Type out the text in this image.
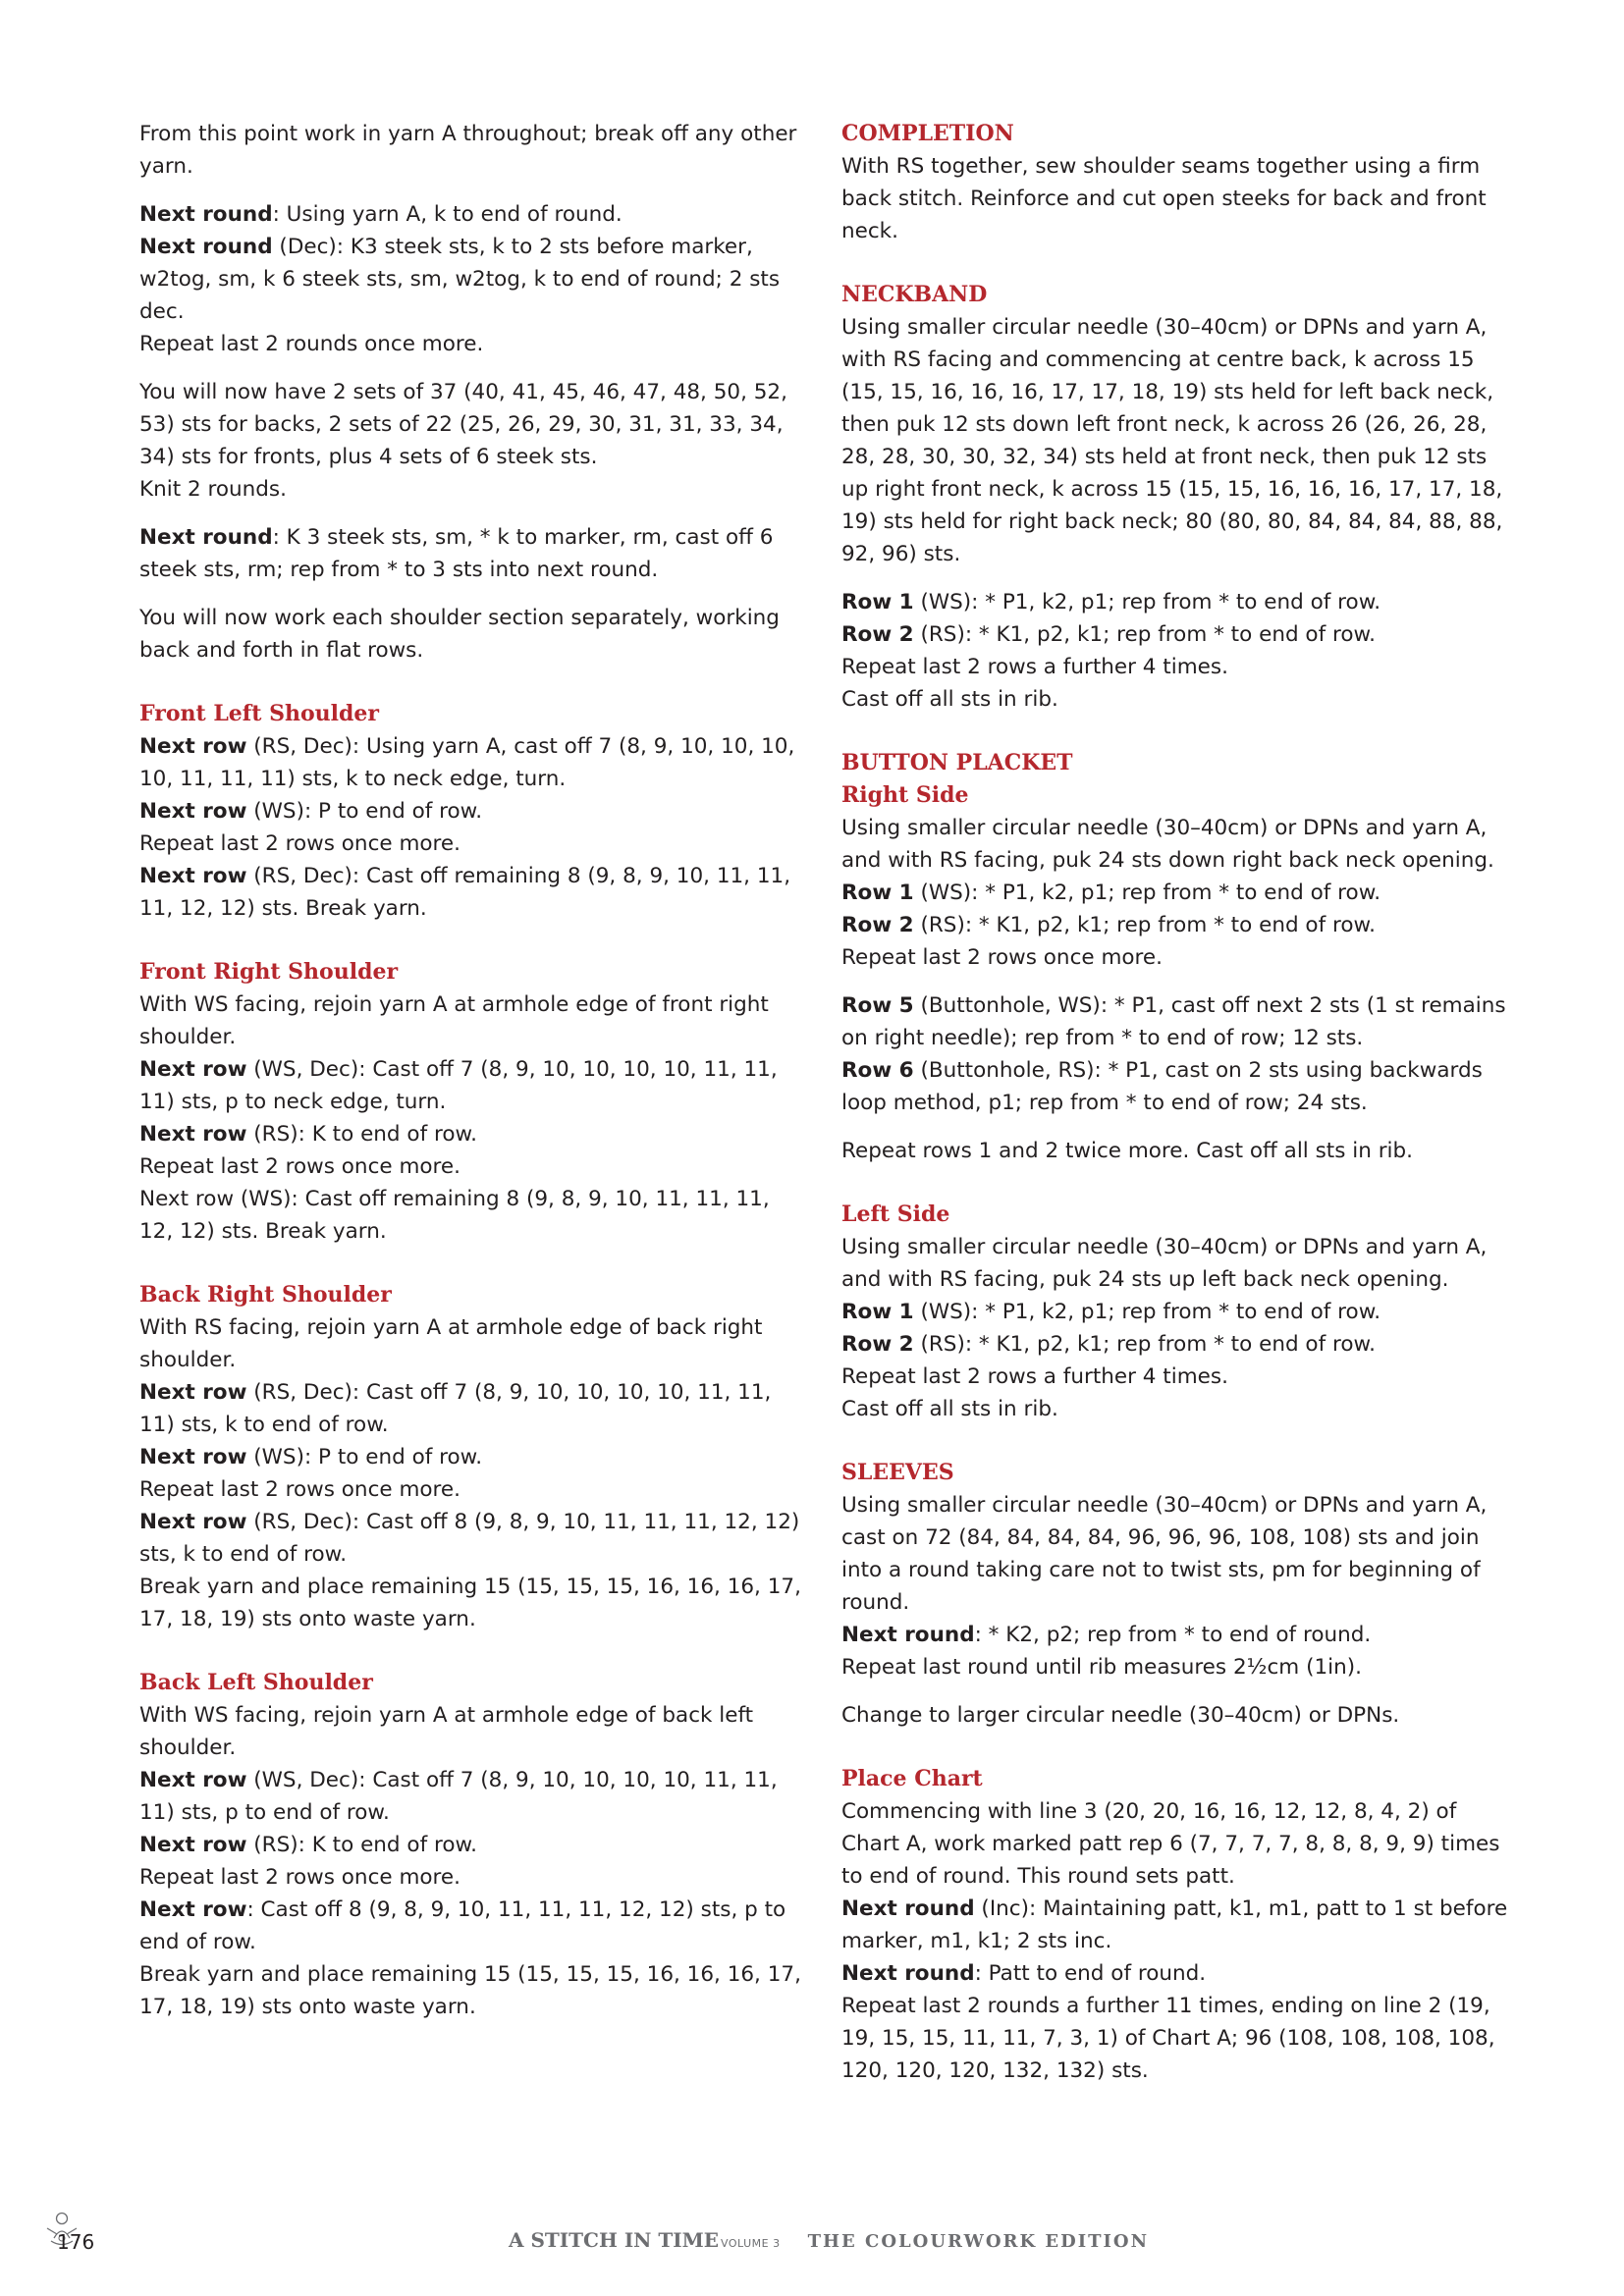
From this point work in yarn A throughout; break off any other yarn.

Next round: Using yarn A, k to end of round.

Next round (Dec): K3 steek sts, k to 2 sts before marker, w2tog, sm, k 6 steek sts, sm, w2tog, k to end of round; 2 sts dec.

Repeat last 2 rounds once more.

You will now have 2 sets of 37 (40, 41, 45, 46, 47, 48, 50, 52, 53) sts for backs, 2 sets of 22 (25, 26, 29, 30, 31, 31, 33, 34, 34) sts for fronts, plus 4 sets of 6 steek sts.

Knit 2 rounds.

Next round: K 3 steek sts, sm, * k to marker, rm, cast off 6 steek sts, rm; rep from * to 3 sts into next round.

You will now work each shoulder section separately, working back and forth in flat rows.

Front Left Shoulder

Next row (RS, Dec): Using yarn A, cast off 7 (8, 9, 10, 10, 10, 10, 11, 11, 11) sts, k to neck edge, turn.

Next row (WS): P to end of row.

Repeat last 2 rows once more.

Next row (RS, Dec): Cast off remaining 8 (9, 8, 9, 10, 11, 11, 11, 12, 12) sts. Break yarn.

Front Right Shoulder

With WS facing, rejoin yarn A at armhole edge of front right shoulder.

Next row (WS, Dec): Cast off 7 (8, 9, 10, 10, 10, 10, 11, 11, 11) sts, p to neck edge, turn.

Next row (RS): K to end of row.

Repeat last 2 rows once more.

Next row (WS): Cast off remaining 8 (9, 8, 9, 10, 11, 11, 11, 12, 12) sts. Break yarn.

Back Right Shoulder

With RS facing, rejoin yarn A at armhole edge of back right shoulder.

Next row (RS, Dec): Cast off 7 (8, 9, 10, 10, 10, 10, 11, 11, 11) sts, k to end of row.

Next row (WS): P to end of row.

Repeat last 2 rows once more.

Next row (RS, Dec): Cast off 8 (9, 8, 9, 10, 11, 11, 11, 12, 12) sts, k to end of row.

Break yarn and place remaining 15 (15, 15, 15, 16, 16, 16, 17, 17, 18, 19) sts onto waste yarn.

Back Left Shoulder

With WS facing, rejoin yarn A at armhole edge of back left shoulder.

Next row (WS, Dec): Cast off 7 (8, 9, 10, 10, 10, 10, 11, 11, 11) sts, p to end of row.

Next row (RS): K to end of row.

Repeat last 2 rows once more.

Next row: Cast off 8 (9, 8, 9, 10, 11, 11, 11, 12, 12) sts, p to end of row.

Break yarn and place remaining 15 (15, 15, 15, 16, 16, 16, 17, 17, 18, 19) sts onto waste yarn.

COMPLETION

With RS together, sew shoulder seams together using a firm back stitch. Reinforce and cut open steeks for back and front neck.

NECKBAND

Using smaller circular needle (30–40cm) or DPNs and yarn A, with RS facing and commencing at centre back, k across 15 (15, 15, 16, 16, 16, 17, 17, 18, 19) sts held for left back neck, then puk 12 sts down left front neck, k across 26 (26, 26, 28, 28, 28, 30, 30, 32, 34) sts held at front neck, then puk 12 sts up right front neck, k across 15 (15, 15, 16, 16, 16, 17, 17, 18, 19) sts held for right back neck; 80 (80, 80, 84, 84, 84, 88, 88, 92, 96) sts.

Row 1 (WS): * P1, k2, p1; rep from * to end of row.

Row 2 (RS): * K1, p2, k1; rep from * to end of row.

Repeat last 2 rows a further 4 times.

Cast off all sts in rib.

BUTTON PLACKET
Right Side

Using smaller circular needle (30–40cm) or DPNs and yarn A, and with RS facing, puk 24 sts down right back neck opening.

Row 1 (WS): * P1, k2, p1; rep from * to end of row.

Row 2 (RS): * K1, p2, k1; rep from * to end of row.

Repeat last 2 rows once more.

Row 5 (Buttonhole, WS): * P1, cast off next 2 sts (1 st remains on right needle); rep from * to end of row; 12 sts.

Row 6 (Buttonhole, RS): * P1, cast on 2 sts using backwards loop method, p1; rep from * to end of row; 24 sts.

Repeat rows 1 and 2 twice more. Cast off all sts in rib.

Left Side

Using smaller circular needle (30–40cm) or DPNs and yarn A, and with RS facing, puk 24 sts up left back neck opening.

Row 1 (WS): * P1, k2, p1; rep from * to end of row.

Row 2 (RS): * K1, p2, k1; rep from * to end of row.

Repeat last 2 rows a further 4 times.

Cast off all sts in rib.

SLEEVES

Using smaller circular needle (30–40cm) or DPNs and yarn A, cast on 72 (84, 84, 84, 84, 96, 96, 96, 108, 108) sts and join into a round taking care not to twist sts, pm for beginning of round.

Next round: * K2, p2; rep from * to end of round.

Repeat last round until rib measures 2½cm (1in).

Change to larger circular needle (30–40cm) or DPNs.

Place Chart

Commencing with line 3 (20, 20, 16, 16, 12, 12, 8, 4, 2) of Chart A, work marked patt rep 6 (7, 7, 7, 7, 8, 8, 8, 9, 9) times to end of round. This round sets patt.

Next round (Inc): Maintaining patt, k1, m1, patt to 1 st before marker, m1, k1; 2 sts inc.

Next round: Patt to end of round.

Repeat last 2 rounds a further 11 times, ending on line 2 (19, 19, 15, 15, 11, 11, 7, 3, 1) of Chart A; 96 (108, 108, 108, 108, 120, 120, 120, 132, 132) sts.

176	A STITCH IN TIME VOLUME 3 THE COLOURWORK EDITION
